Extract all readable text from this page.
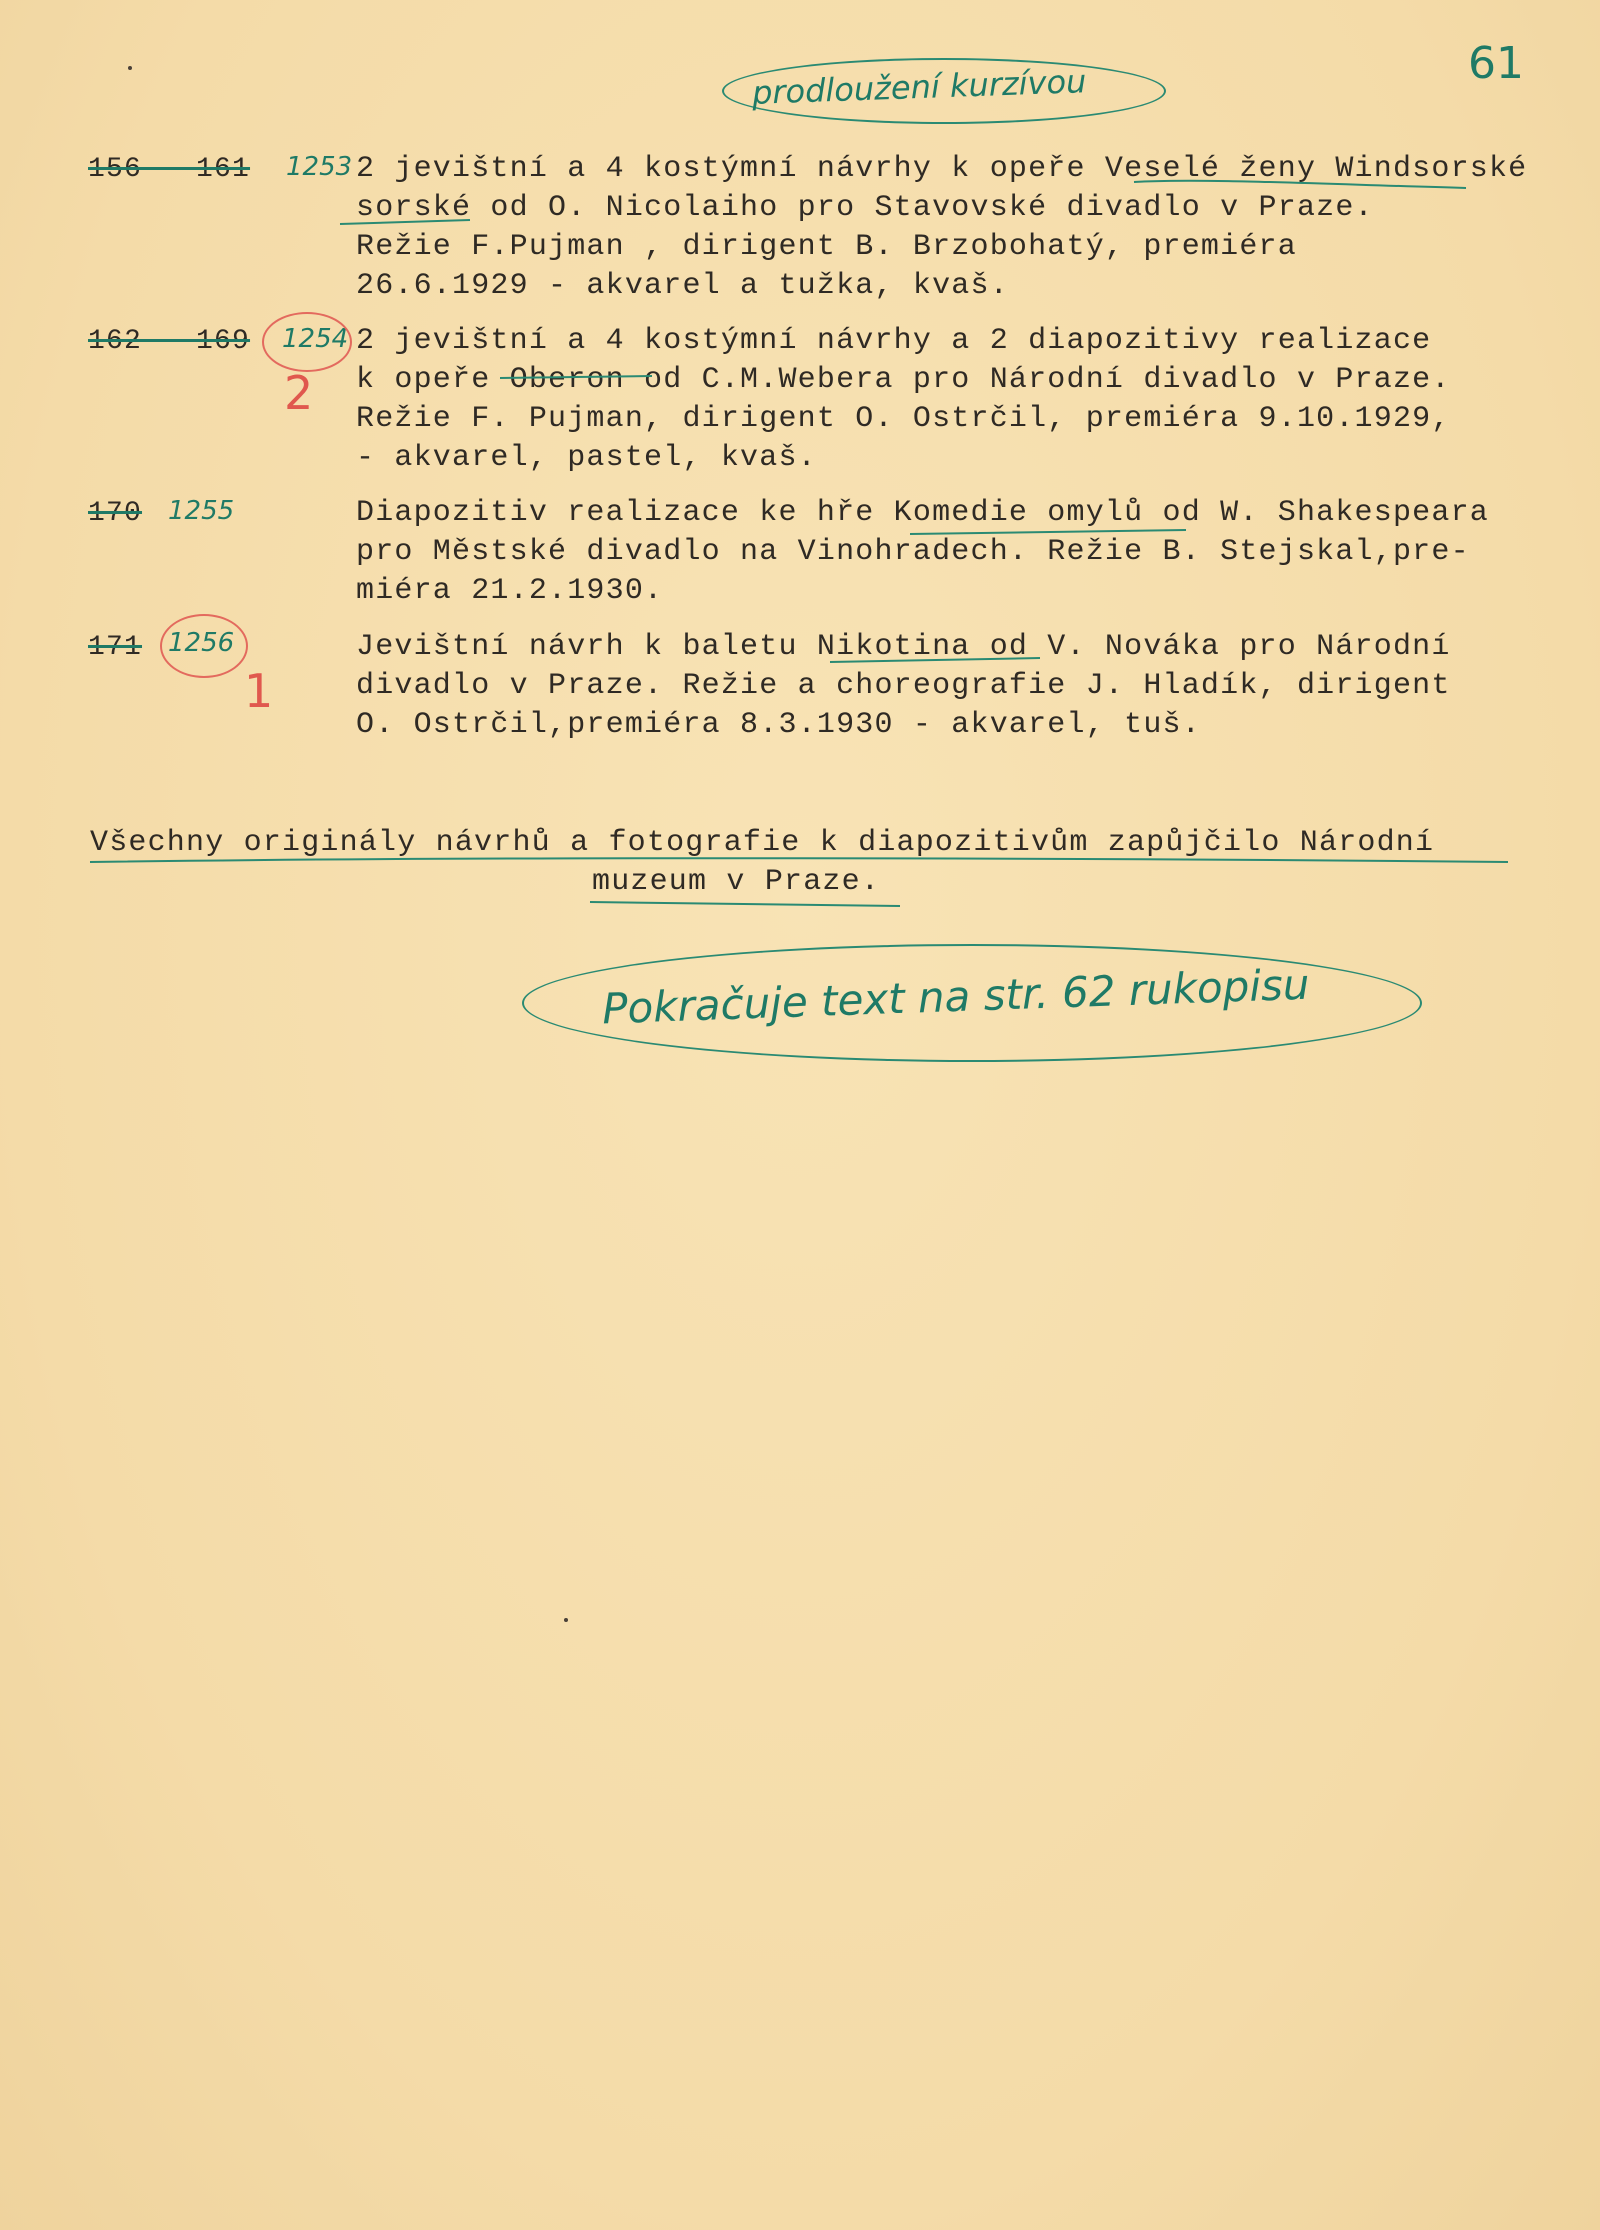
61
prodloužení kurzívou
156 - 161 1253 2 jevištní a 4 kostýmní návrhy k opeře Veselé ženy Windsorské
sorské od O. Nicolaiho pro Stavovské divadlo v Praze.
Režie F.Pujman , dirigent B. Brzobohatý, premiéra
26.6.1929 - akvarel a tužka, kvaš.
162 - 169 1254
2
2 jevištní a 4 kostýmní návrhy a 2 diapozitivy realizace
k opeře Oberon od C.M.Webera pro Národní divadlo v Praze.
Režie F. Pujman, dirigent O. Ostrčil, premiéra 9.10.1929,
- akvarel, pastel, kvaš.
170 1255	Diapozitiv realizace ke hře Komedie omylů od W. Shakespeara
pro Městské divadlo na Vinohradech. Režie B. Stejskal,pre-
miéra 21.2.1930.
171 1256
1
Jevištní návrh k baletu Nikotina od V. Nováka pro Národní
divadlo v Praze. Režie a choreografie J. Hladík, dirigent
O. Ostrčil,premiéra 8.3.1930 - akvarel, tuš.
Všechny originály návrhů a fotografie k diapozitivům zapůjčilo Národní
muzeum v Praze.
Pokračuje text na str. 62 rukopisu
